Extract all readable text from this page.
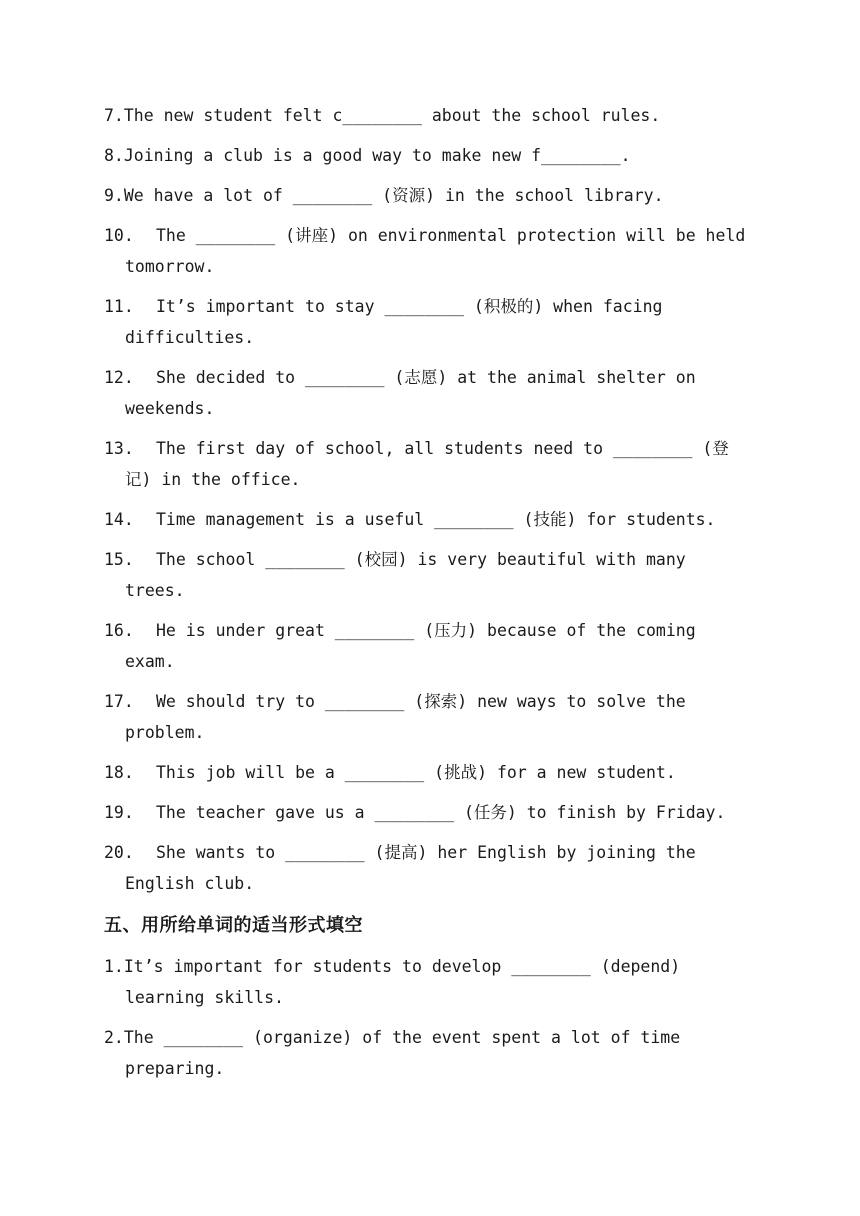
7. The new student felt c________ about the school rules.
8. Joining a club is a good way to make new f________.
9. We have a lot of ________ (资源) in the school library.
10. The ________ (讲座) on environmental protection will be held tomorrow.
11. It’s important to stay ________ (积极的) when facing difficulties.
12. She decided to ________ (志愿) at the animal shelter on weekends.
13. The first day of school, all students need to ________ (登记) in the office.
14. Time management is a useful ________ (技能) for students.
15. The school ________ (校园) is very beautiful with many trees.
16. He is under great ________ (压力) because of the coming exam.
17. We should try to ________ (探索) new ways to solve the problem.
18. This job will be a ________ (挑战) for a new student.
19. The teacher gave us a ________ (任务) to finish by Friday.
20. She wants to ________ (提高) her English by joining the English club.
五、用所给单词的适当形式填空
1.It’s important for students to develop ________ (depend) learning skills.
2.The ________ (organize) of the event spent a lot of time preparing.
